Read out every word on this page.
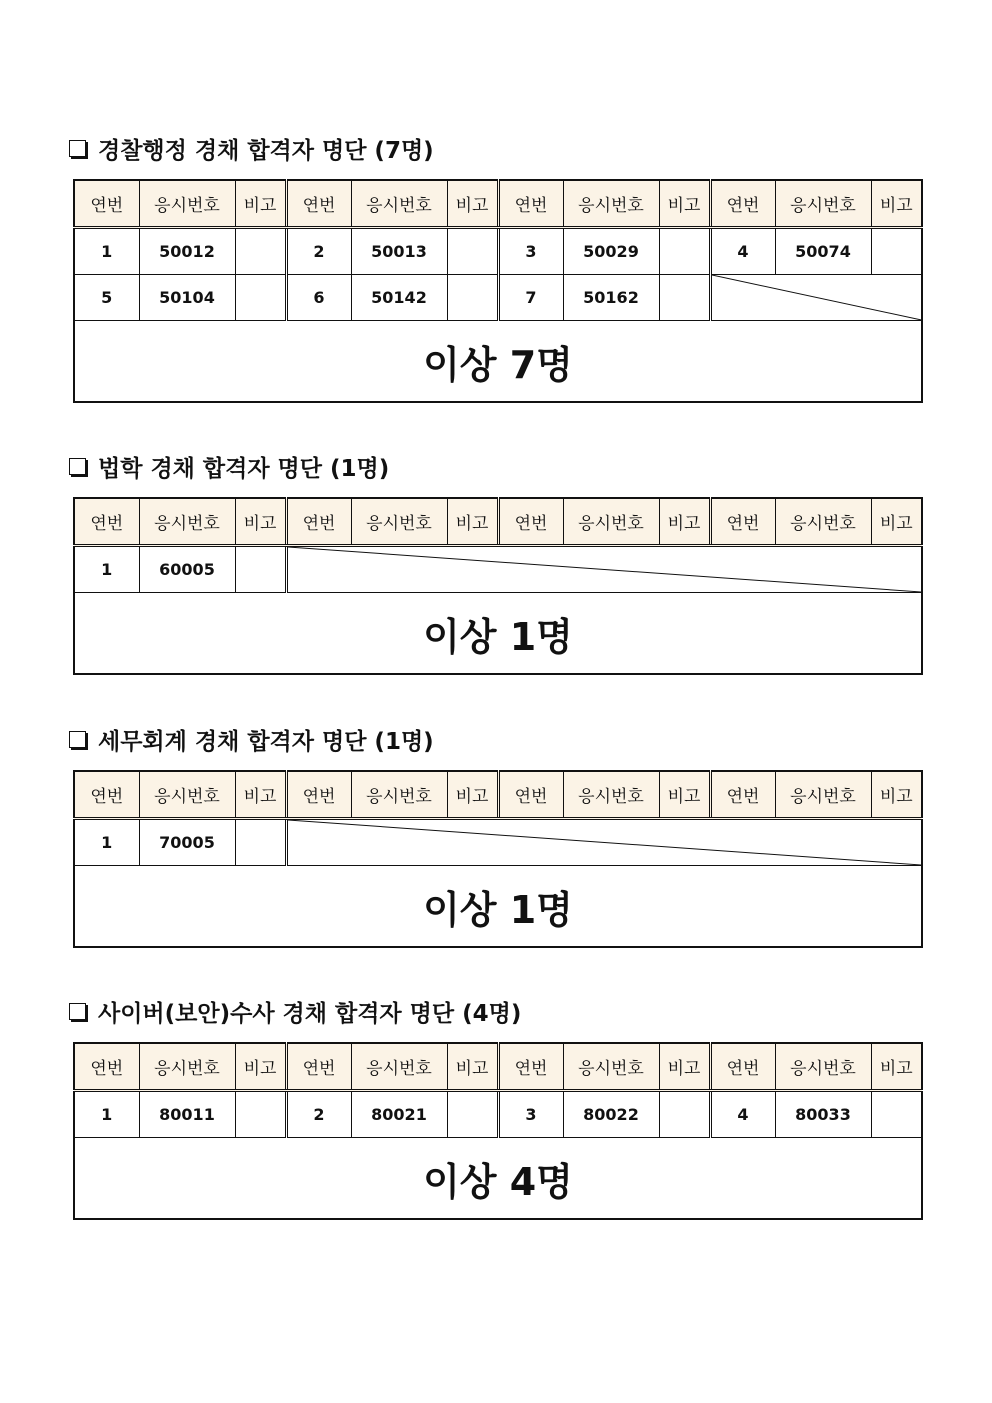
경찰행정 경채 합격자 명단 (7명)
연번	응시번호	비고	연번	응시번호	비고	연번	응시번호	비고	연번	응시번호	비고
1	50012		2	50013		3	50029		4	50074	
5	50104		6	50142		7	50162		

이상 7명											
법학 경채 합격자 명단 (1명)
연번	응시번호	비고	연번	응시번호	비고	연번	응시번호	비고	연번	응시번호	비고
1	60005		

이상 1명											
세무회계 경채 합격자 명단 (1명)
연번	응시번호	비고	연번	응시번호	비고	연번	응시번호	비고	연번	응시번호	비고
1	70005		

이상 1명											
사이버(보안)수사 경채 합격자 명단 (4명)
연번	응시번호	비고	연번	응시번호	비고	연번	응시번호	비고	연번	응시번호	비고
1	80011		2	80021		3	80022		4	80033	
이상 4명											
